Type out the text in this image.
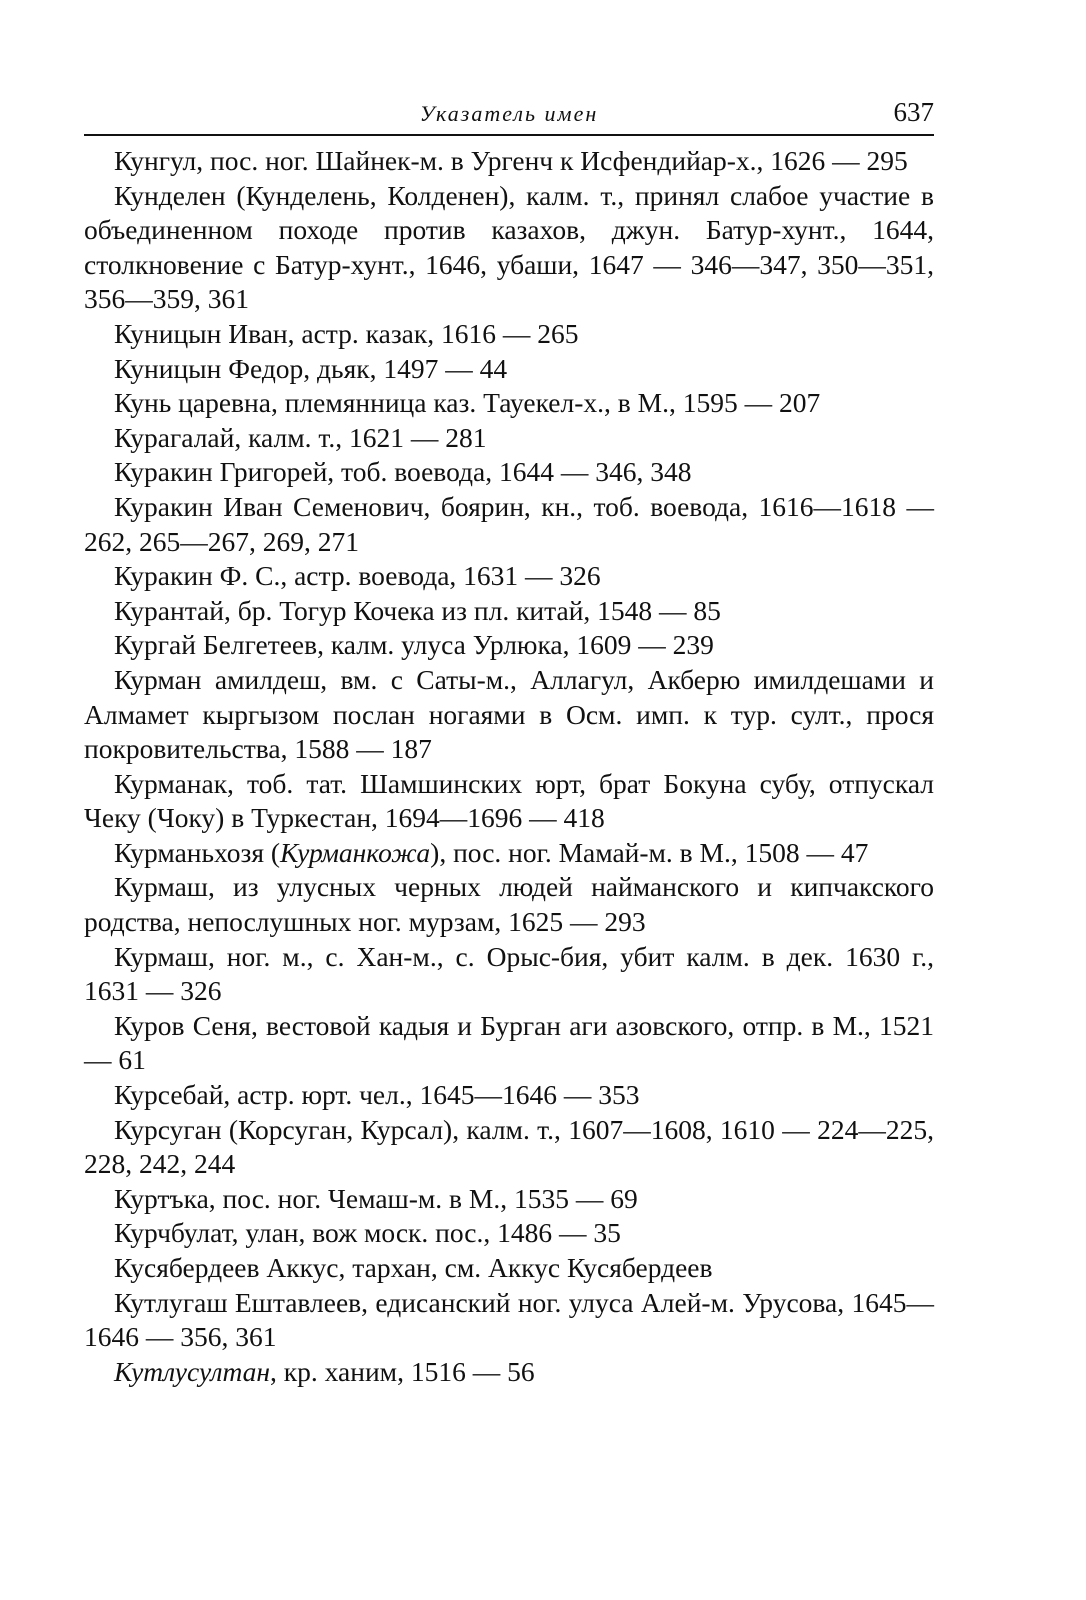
Указатель имен	637

Кунгул, пос. ног. Шайнек-м. в Ургенч к Исфендийар-х., 1626 — 295

Кунделен (Кунделень, Колденен), калм. т., принял слабое участие в объединенном походе против казахов, джун. Батур-хунт., 1644, столкновение с Батур-хунт., 1646, убаши, 1647 — 346—347, 350—351, 356—359, 361

Куницын Иван, астр. казак, 1616 — 265

Куницын Федор, дьяк, 1497 — 44

Кунь царевна, племянница каз. Тауекел-х., в М., 1595 — 207

Курагалай, калм. т., 1621 — 281

Куракин Григорей, тоб. воевода, 1644 — 346, 348

Куракин Иван Семенович, боярин, кн., тоб. воевода, 1616—1618 — 262, 265—267, 269, 271

Куракин Ф. С., астр. воевода, 1631 — 326

Курантай, бр. Тогур Кочека из пл. китай, 1548 — 85

Кургай Белгетеев, калм. улуса Урлюка, 1609 — 239

Курман амилдеш, вм. с Саты-м., Аллагул, Акберю имилдешами и Алмамет кыргызом послан ногаями в Осм. имп. к тур. султ., прося покровительства, 1588 — 187

Курманак, тоб. тат. Шамшинских юрт, брат Бокуна субу, отпускал Чеку (Чоку) в Туркестан, 1694—1696 — 418

Курманьхозя (Курманкожа), пос. ног. Мамай-м. в М., 1508 — 47

Курмаш, из улусных черных людей найманского и кипчакского родства, непослушных ног. мурзам, 1625 — 293

Курмаш, ног. м., с. Хан-м., с. Орыс-бия, убит калм. в дек. 1630 г., 1631 — 326

Куров Сеня, вестовой кадыя и Бурган аги азовского, отпр. в М., 1521 — 61

Курсебай, астр. юрт. чел., 1645—1646 — 353

Курсуган (Корсуган, Курсал), калм. т., 1607—1608, 1610 — 224—225, 228, 242, 244

Куртъка, пос. ног. Чемаш-м. в М., 1535 — 69

Курчбулат, улан, вож моск. пос., 1486 — 35

Кусябердеев Аккус, тархан, см. Аккус Кусябердеев

Кутлугаш Ештавлеев, едисанский ног. улуса Алей-м. Урусова, 1645—1646 — 356, 361

Кутлусултан, кр. ханим, 1516 — 56
